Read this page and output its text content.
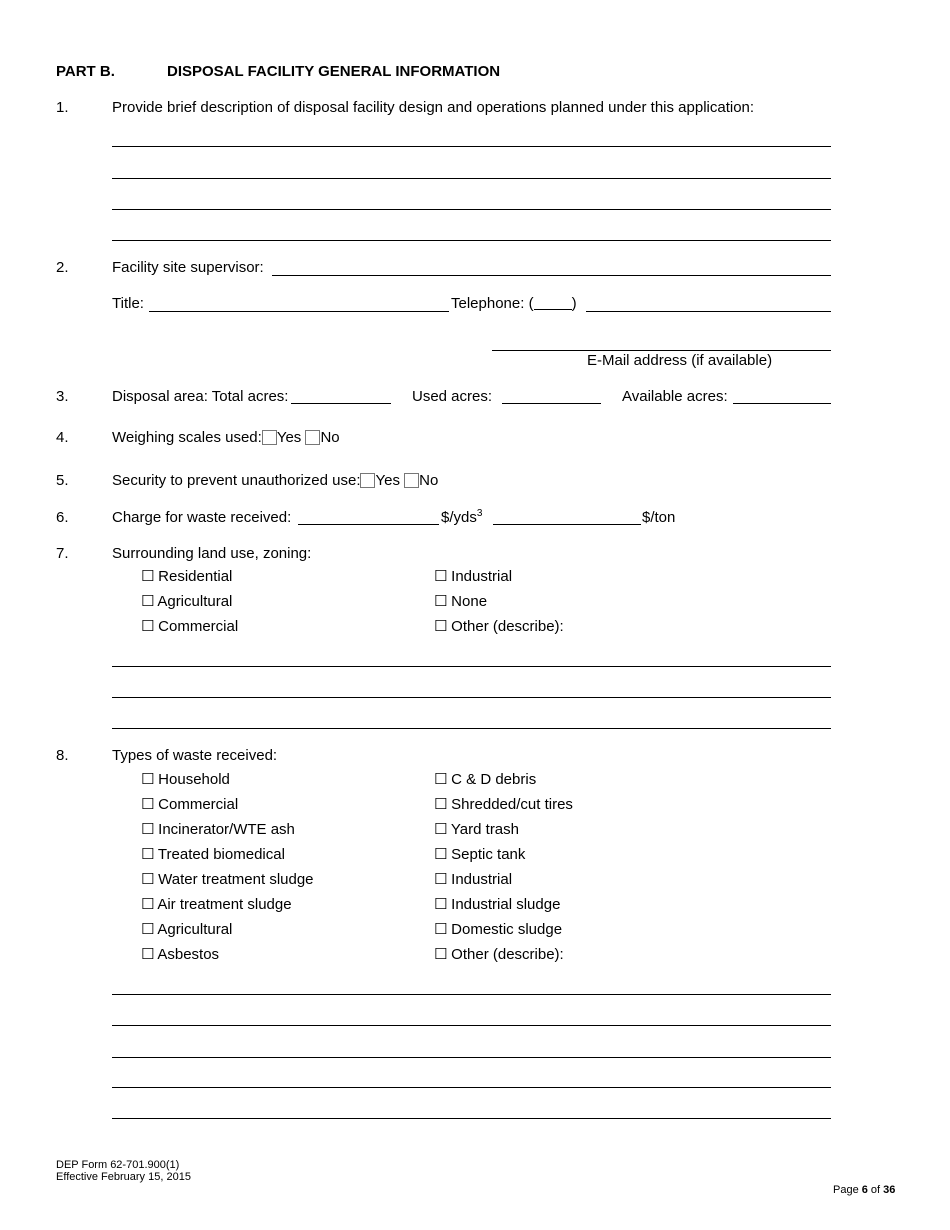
PART B.	DISPOSAL FACILITY GENERAL INFORMATION
1.	Provide brief description of disposal facility design and operations planned under this application:
2.	Facility site supervisor:
Title:	Telephone: (	)
E-Mail address (if available)
3.	Disposal area: Total acres:	Used acres:	Available acres:
4.	Weighing scales used: Yes No
5.	Security to prevent unauthorized use: Yes No
6.	Charge for waste received:	$/yds$^3$	$/ton
7.	Surrounding land use, zoning:
☐ Residential
☐ Agricultural
☐ Commercial
☐ Industrial
☐ None
☐ Other (describe):
8.	Types of waste received:
☐ Household
☐ Commercial
☐ Incinerator/WTE ash
☐ Treated biomedical
☐ Water treatment sludge
☐ Air treatment sludge
☐ Agricultural
☐ Asbestos
☐ C & D debris
☐ Shredded/cut tires
☐ Yard trash
☐ Septic tank
☐ Industrial
☐ Industrial sludge
☐ Domestic sludge
☐ Other (describe):
DEP Form 62-701.900(1)
Effective February 15, 2015
Page 6 of 36
